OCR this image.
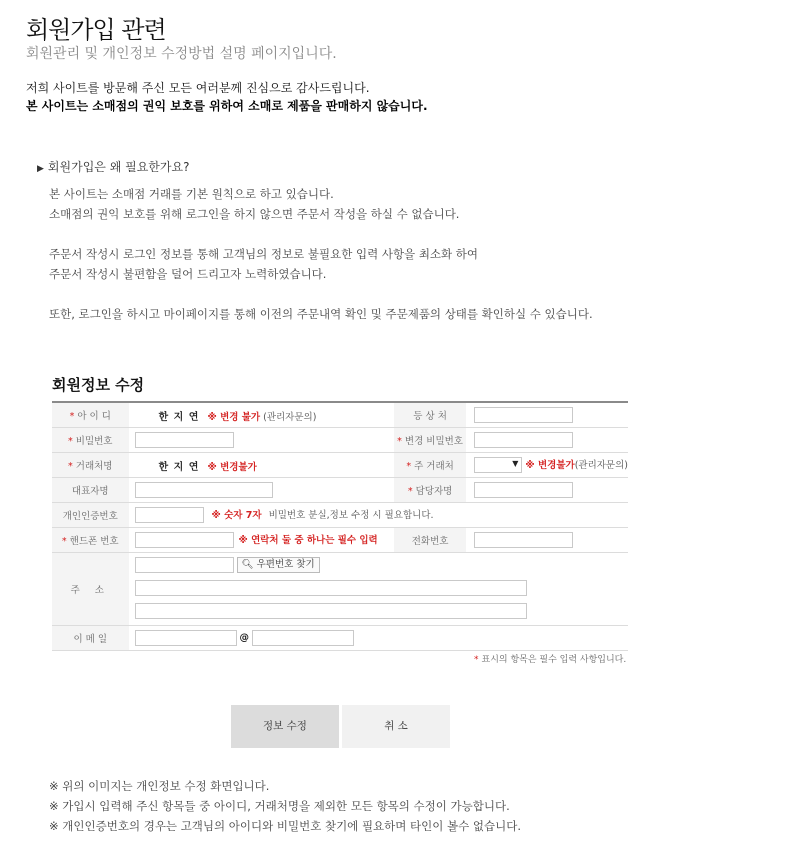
회원가입 관련
회원관리 및 개인정보 수정방법 설명 페이지입니다.
저희 사이트를 방문해 주신 모든 여러분께 진심으로 감사드립니다.
본 사이트는 소매점의 권익 보호를 위하여 소매로 제품을 판매하지 않습니다.
▶ 회원가입은 왜 필요한가요?
본 사이트는 소매점 거래를 기본 원칙으로 하고 있습니다.
소매점의 권익 보호를 위해 로그인을 하지 않으면 주문서 작성을 하실 수 없습니다.
주문서 작성시 로그인 정보를 통해 고객님의 정보로 불필요한 입력 사항을 최소화 하여
주문서 작성시 불편함을 덜어 드리고자 노력하였습니다.
또한, 로그인을 하시고 마이페이지를 통해 이전의 주문내역 확인 및 주문제품의 상태를 확인하실 수 있습니다.
회원정보 수정
* 아 이 디	한 지 연 ※ 변경 불가 (관리자문의)	등 상 처	
* 비밀번호		* 변경 비밀번호	
* 거래처명	한 지 연 ※ 변경불가	* 주 거래처	▼ ※ 변경불가(관리자문의)
대표자명		* 담당자명	
개인인증번호	※ 숫자 7자 비밀번호 분실,정보 수정 시 필요합니다.		
* 핸드폰 번호	※ 연락처 둘 중 하나는 필수 입력	전화번호	
주 소	🔍︎ 우편번호 찾기		

이 메 일	@		
* 표시의 항목은 필수 입력 사항입니다.
정보 수정	취 소
※ 위의 이미지는 개인정보 수정 화면입니다.
※ 가입시 입력해 주신 항목들 중 아이디, 거래처명을 제외한 모든 항목의 수정이 가능합니다.
※ 개인인증번호의 경우는 고객님의 아이디와 비밀번호 찾기에 필요하며 타인이 볼수 없습니다.
